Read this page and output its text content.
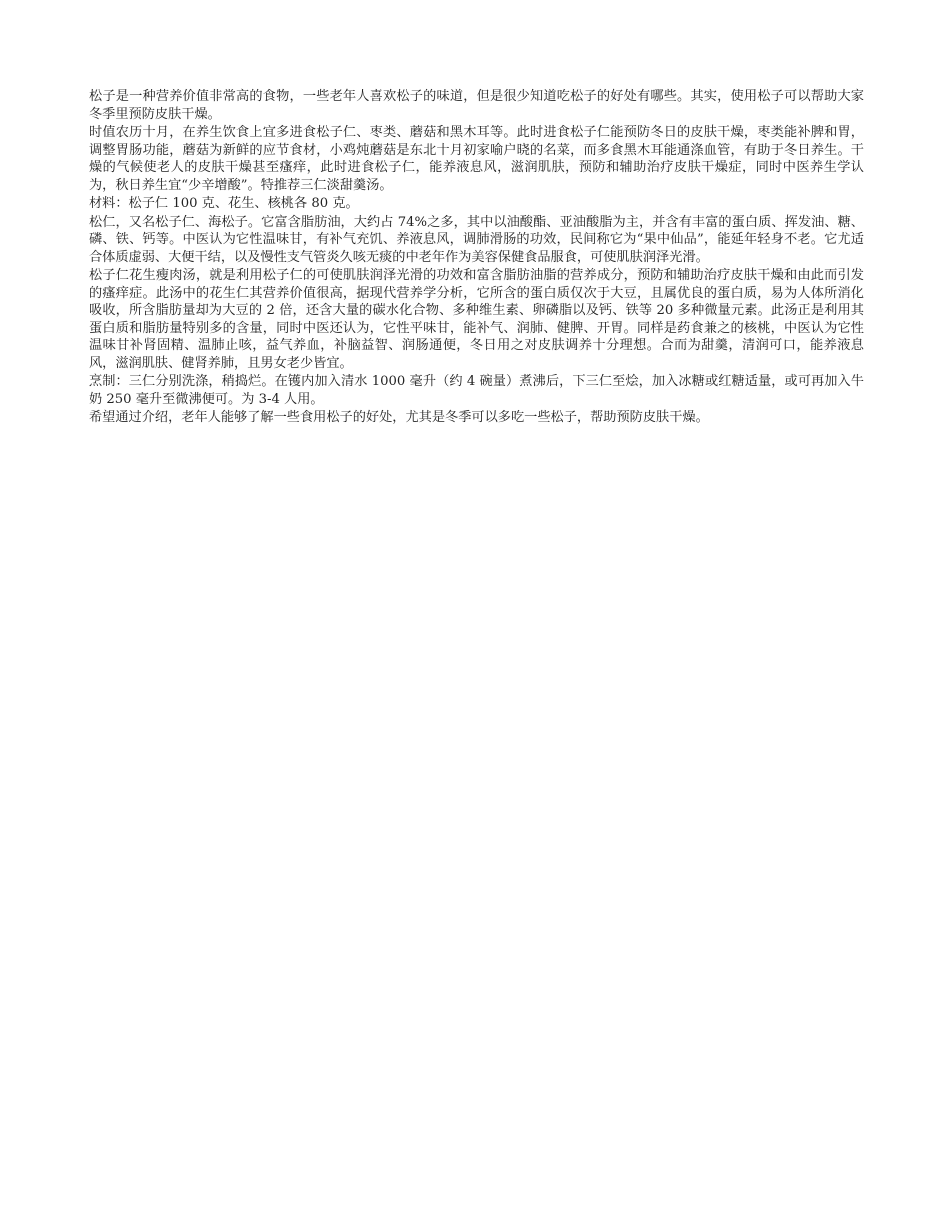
松子是一种营养价值非常高的食物，一些老年人喜欢松子的味道，但是很少知道吃松子的好处有哪些。其实，使用松子可以帮助大家冬季里预防皮肤干燥。

时值农历十月，在养生饮食上宜多进食松子仁、枣类、蘑菇和黑木耳等。此时进食松子仁能预防冬日的皮肤干燥，枣类能补脾和胃，调整胃肠功能，蘑菇为新鲜的应节食材，小鸡炖蘑菇是东北十月初家喻户晓的名菜，而多食黑木耳能通涤血管，有助于冬日养生。干燥的气候使老人的皮肤干燥甚至瘙痒，此时进食松子仁，能养液息风，滋润肌肤，预防和辅助治疗皮肤干燥症，同时中医养生学认为，秋日养生宜“少辛增酸”。特推荐三仁淡甜羹汤。

材料：松子仁 100 克、花生、核桃各 80 克。

松仁，又名松子仁、海松子。它富含脂肪油，大约占 74%之多，其中以油酸酯、亚油酸脂为主，并含有丰富的蛋白质、挥发油、糖、磷、铁、钙等。中医认为它性温味甘，有补气充饥、养液息风，调肺滑肠的功效，民间称它为“果中仙品”，能延年轻身不老。它尤适合体质虚弱、大便干结，以及慢性支气管炎久咳无痰的中老年作为美容保健食品服食，可使肌肤润泽光滑。

松子仁花生瘦肉汤，就是利用松子仁的可使肌肤润泽光滑的功效和富含脂肪油脂的营养成分，预防和辅助治疗皮肤干燥和由此而引发的瘙痒症。此汤中的花生仁其营养价值很高，据现代营养学分析，它所含的蛋白质仅次于大豆，且属优良的蛋白质，易为人体所消化吸收，所含脂肪量却为大豆的 2 倍，还含大量的碳水化合物、多种维生素、卵磷脂以及钙、铁等 20 多种微量元素。此汤正是利用其蛋白质和脂肪量特别多的含量，同时中医还认为，它性平味甘，能补气、润肺、健脾、开胃。同样是药食兼之的核桃，中医认为它性温味甘补肾固精、温肺止咳，益气养血，补脑益智、润肠通便，冬日用之对皮肤调养十分理想。合而为甜羹，清润可口，能养液息风，滋润肌肤、健肾养肺，且男女老少皆宜。

烹制：三仁分别洗涤，稍捣烂。在镬内加入清水 1000 毫升（约 4 碗量）煮沸后，下三仁至烩，加入冰糖或红糖适量，或可再加入牛奶 250 毫升至微沸便可。为 3-4 人用。

希望通过介绍，老年人能够了解一些食用松子的好处，尤其是冬季可以多吃一些松子，帮助预防皮肤干燥。
